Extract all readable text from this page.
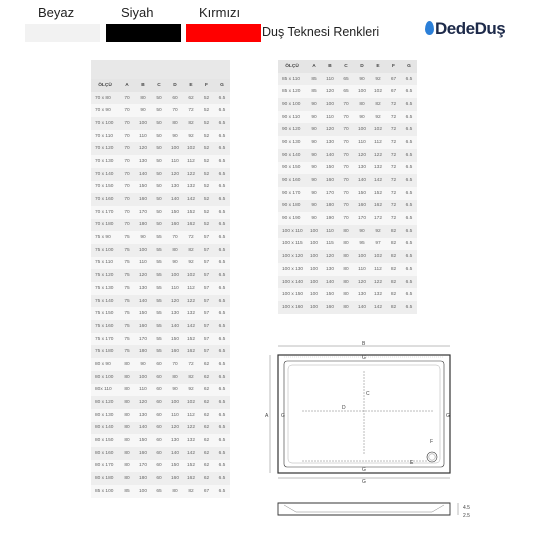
Beyaz	Siyah	Kırmızı
Duş Teknesi Renkleri	DedeDuş
ÖLÇÜ	A	B	C	D	E	F	G
70 x 80	70	80	50	60	62	52	6.5
70 x 90	70	90	50	70	72	52	6.5
70 x 100	70	100	50	80	82	52	6.5
70 x 110	70	110	50	90	92	52	6.5
70 x 120	70	120	50	100	102	52	6.5
70 x 130	70	130	50	110	112	52	6.5
70 x 140	70	140	50	120	122	52	6.5
70 x 150	70	150	50	130	132	52	6.5
70 x 160	70	160	50	140	142	52	6.5
70 x 170	70	170	50	150	152	52	6.5
70 x 180	70	180	50	160	162	52	6.5
75 x 90	75	90	55	70	72	57	6.5
75 x 100	75	100	55	80	82	57	6.5
75 x 110	75	110	55	90	92	57	6.5
75 x 120	75	120	55	100	102	57	6.5
75 x 130	75	130	55	110	112	57	6.5
75 x 140	75	140	55	120	122	57	6.5
75 x 150	75	150	55	130	132	57	6.5
75 x 160	75	160	55	140	142	57	6.5
75 x 170	75	170	55	150	152	57	6.5
75 x 180	75	180	55	160	162	57	6.5
80 x 90	80	90	60	70	72	62	6.5
80 x 100	80	100	60	80	82	62	6.5
80x 110	80	110	60	90	92	62	6.5
80 x 120	80	120	60	100	102	62	6.5
80 x 130	80	130	60	110	112	62	6.5
80 x 140	80	140	60	120	122	62	6.5
80 x 150	80	150	60	130	132	62	6.5
80 x 160	80	160	60	140	142	62	6.5
80 x 170	80	170	60	150	152	62	6.5
80 x 180	80	180	60	160	162	62	6.5
85 x 100	85	100	65	80	82	67	6.5
ÖLÇÜ	A	B	C	D	E	F	G
85 x 110	85	110	65	90	92	67	6.5
85 x 120	85	120	65	100	102	67	6.5
90 x 100	90	100	70	80	82	72	6.5
90 x 110	90	110	70	90	92	72	6.5
90 x 120	90	120	70	100	102	72	6.5
90 x 130	90	130	70	110	112	72	6.5
90 x 140	90	140	70	120	122	72	6.5
90 x 150	90	150	70	130	132	72	6.5
90 x 160	90	160	70	140	142	72	6.5
90 x 170	90	170	70	150	152	72	6.5
90 x 180	90	180	70	160	162	72	6.5
90 x 190	90	190	70	170	172	72	6.5
100 x 110	100	110	80	90	92	82	6.5
100 x 115	100	115	80	95	97	82	6.5
100 x 120	100	120	80	100	102	82	6.5
100 x 130	100	130	80	110	112	82	6.5
100 x 140	100	140	80	120	122	82	6.5
100 x 150	100	150	80	130	132	82	6.5
100 x 160	100	160	80	140	142	82	6.5
B
G
D
C
A	G	G
G
E
F
G
4.5
2.5
